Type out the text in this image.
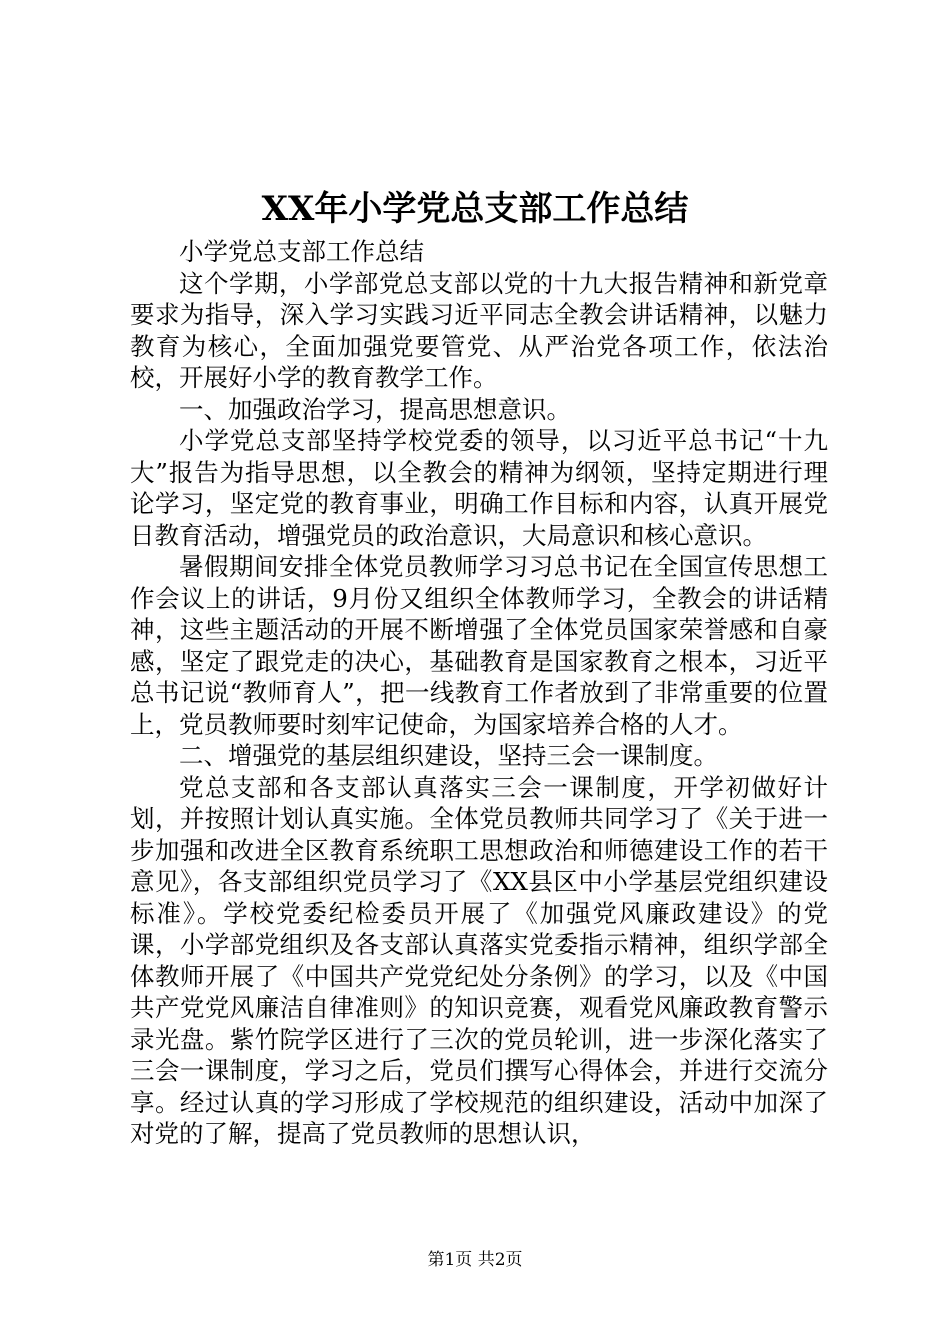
XX年小学党总支部工作总结

小学党总支部工作总结

这个学期，小学部党总支部以党的十九大报告精神和新党章要求为指导，深入学习实践习近平同志全教会讲话精神，以魅力教育为核心，全面加强党要管党、从严治党各项工作，依法治校，开展好小学的教育教学工作。

一、加强政治学习，提高思想意识。

小学党总支部坚持学校党委的领导，以习近平总书记“十九大”报告为指导思想，以全教会的精神为纲领，坚持定期进行理论学习，坚定党的教育事业，明确工作目标和内容，认真开展党日教育活动，增强党员的政治意识，大局意识和核心意识。

暑假期间安排全体党员教师学习习总书记在全国宣传思想工作会议上的讲话，9月份又组织全体教师学习，全教会的讲话精神，这些主题活动的开展不断增强了全体党员国家荣誉感和自豪感，坚定了跟党走的决心，基础教育是国家教育之根本，习近平总书记说“教师育人”，把一线教育工作者放到了非常重要的位置上，党员教师要时刻牢记使命，为国家培养合格的人才。

二、增强党的基层组织建设，坚持三会一课制度。

党总支部和各支部认真落实三会一课制度，开学初做好计划，并按照计划认真实施。全体党员教师共同学习了《关于进一步加强和改进全区教育系统职工思想政治和师德建设工作的若干意见》，各支部组织党员学习了《XX县区中小学基层党组织建设标准》。学校党委纪检委员开展了《加强党风廉政建设》的党课，小学部党组织及各支部认真落实党委指示精神，组织学部全体教师开展了《中国共产党党纪处分条例》的学习，以及《中国共产党党风廉洁自律准则》的知识竞赛，观看党风廉政教育警示录光盘。紫竹院学区进行了三次的党员轮训，进一步深化落实了三会一课制度，学习之后，党员们撰写心得体会，并进行交流分享。经过认真的学习形成了学校规范的组织建设，活动中加深了对党的了解，提高了党员教师的思想认识，

第1页 共2页
